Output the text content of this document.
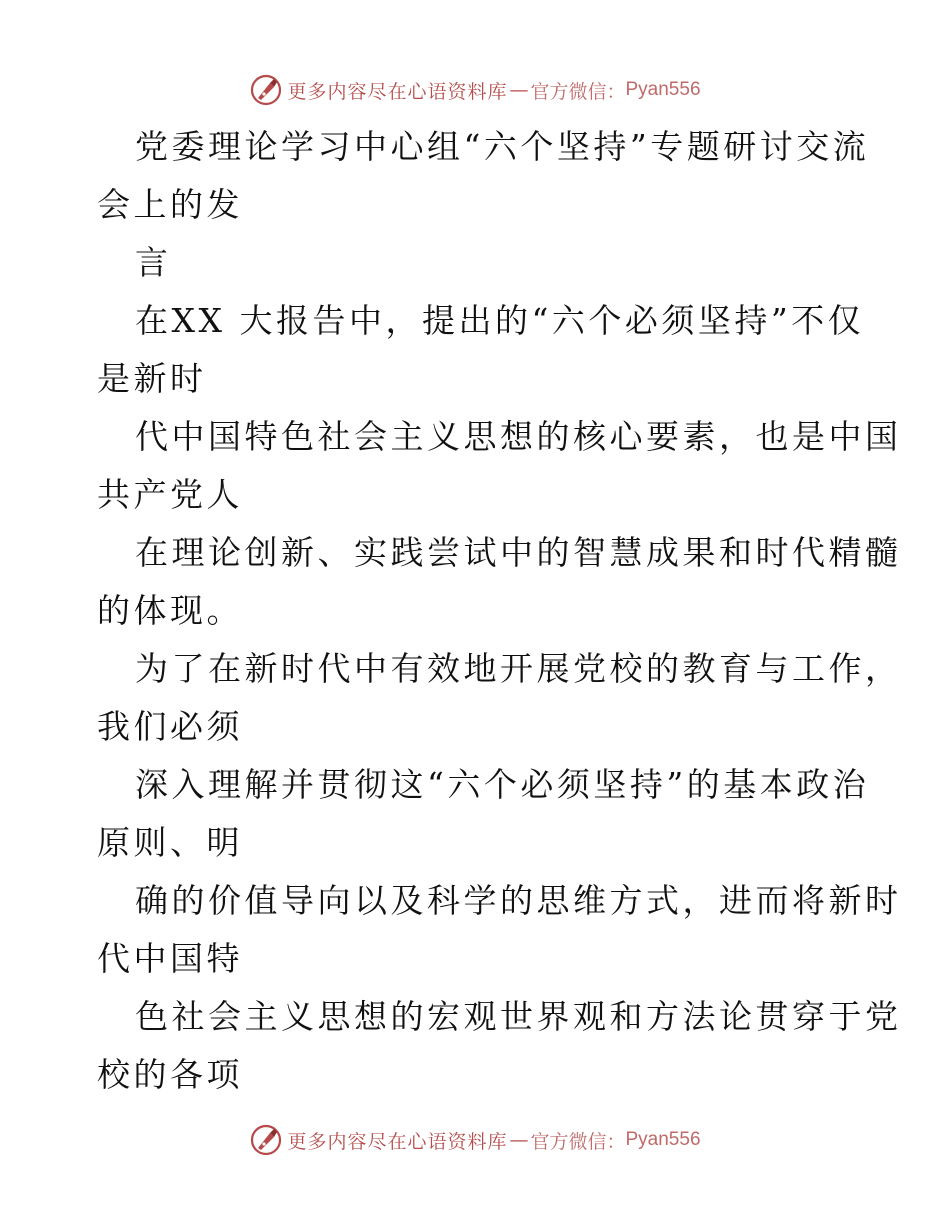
更多内容尽在心语资料库 — 官方微信： Pyan556
党委理论学习中心组“六个坚持”专题研讨交流
会上的发
言
在XX 大报告中，提出的“六个必须坚持”不仅
是新时
代中国特色社会主义思想的核心要素，也是中国
共产党人
在理论创新、实践尝试中的智慧成果和时代精髓
的体现。
为了在新时代中有效地开展党校的教育与工作，
我们必须
深入理解并贯彻这“六个必须坚持”的基本政治
原则、明
确的价值导向以及科学的思维方式，进而将新时
代中国特
色社会主义思想的宏观世界观和方法论贯穿于党
校的各项
更多内容尽在心语资料库 — 官方微信： Pyan556
